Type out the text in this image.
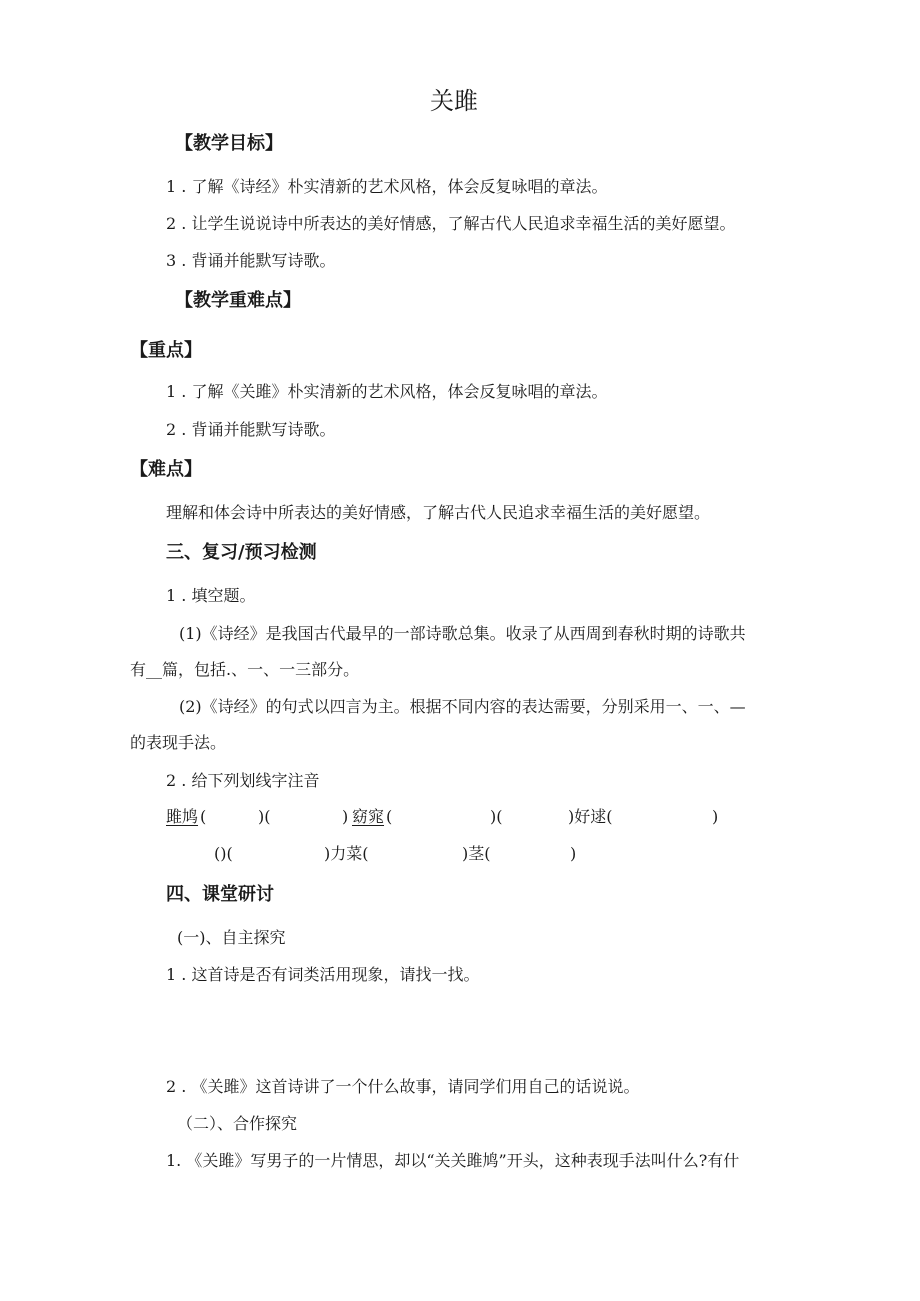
关雎
【教学目标】
1 . 了解《诗经》朴实清新的艺术风格，体会反复咏唱的章法。
2 . 让学生说说诗中所表达的美好情感，了解古代人民追求幸福生活的美好愿望。
3 . 背诵并能默写诗歌。
【教学重难点】
【重点】
1 . 了解《关雎》朴实清新的艺术风格，体会反复咏唱的章法。
2 . 背诵并能默写诗歌。
【难点】
理解和体会诗中所表达的美好情感，了解古代人民追求幸福生活的美好愿望。
三、复习/预习检测
1 . 填空题。
(1)《诗经》是我国古代最早的一部诗歌总集。收录了从西周到春秋时期的诗歌共
有__篇，包括.、一、一三部分。
(2)《诗经》的句式以四言为主。根据不同内容的表达需要，分别采用一、一、—
的表现手法。
2 . 给下列划线字注音
雎鸠 (	)(	) 窈窕 (	)(	)好逑(	)
()(	)力菜(	)茎(	)
四、课堂研讨
(一)、自主探究
1 . 这首诗是否有词类活用现象，请找一找。
2 . 《关雎》这首诗讲了一个什么故事，请同学们用自己的话说说。
（二）、合作探究
1. 《关雎》写男子的一片情思，却以“关关雎鸠”开头，这种表现手法叫什么?有什
